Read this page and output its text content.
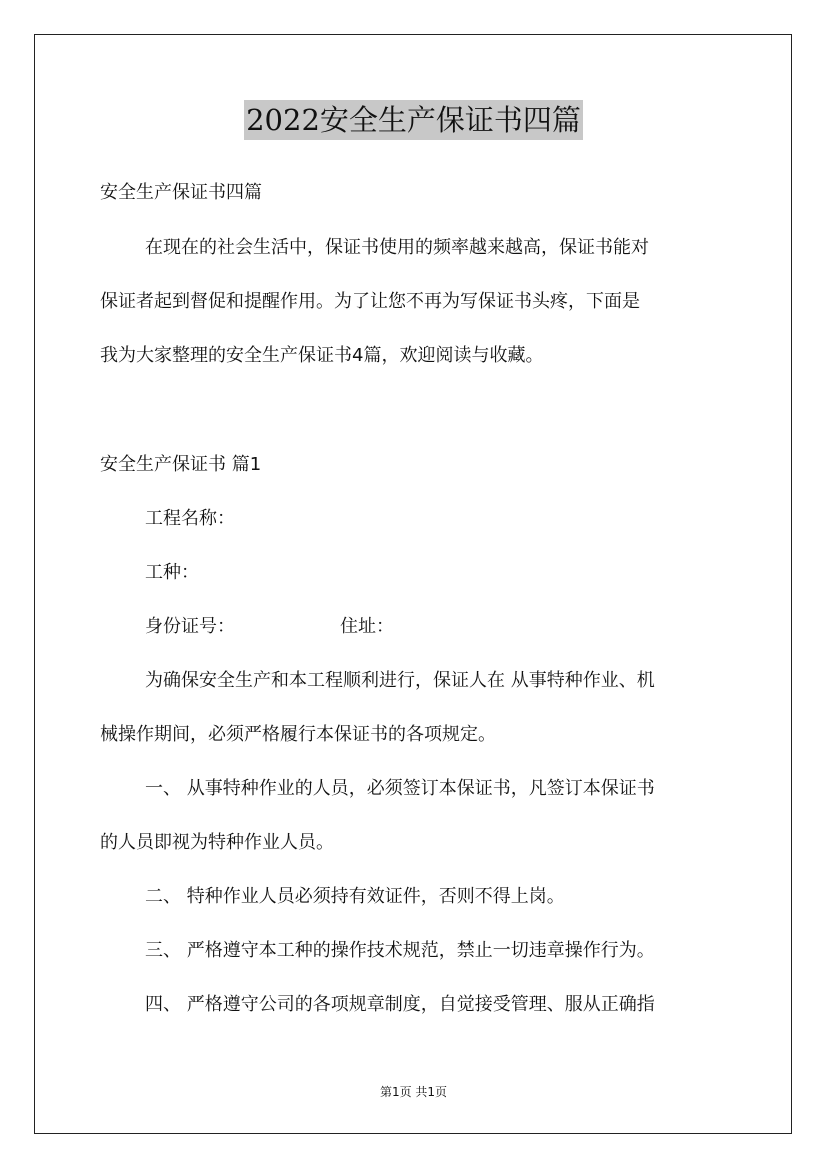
2022安全生产保证书四篇
安全生产保证书四篇
在现在的社会生活中，保证书使用的频率越来越高，保证书能对
保证者起到督促和提醒作用。为了让您不再为写保证书头疼，下面是
我为大家整理的安全生产保证书4篇，欢迎阅读与收藏。
安全生产保证书 篇1
工程名称：
工种：
身份证号：	住址：
为确保安全生产和本工程顺利进行，保证人在 从事特种作业、机
械操作期间，必须严格履行本保证书的各项规定。
一、 从事特种作业的人员，必须签订本保证书，凡签订本保证书
的人员即视为特种作业人员。
二、 特种作业人员必须持有效证件，否则不得上岗。
三、 严格遵守本工种的操作技术规范，禁止一切违章操作行为。
四、 严格遵守公司的各项规章制度，自觉接受管理、服从正确指
第1页 共1页
